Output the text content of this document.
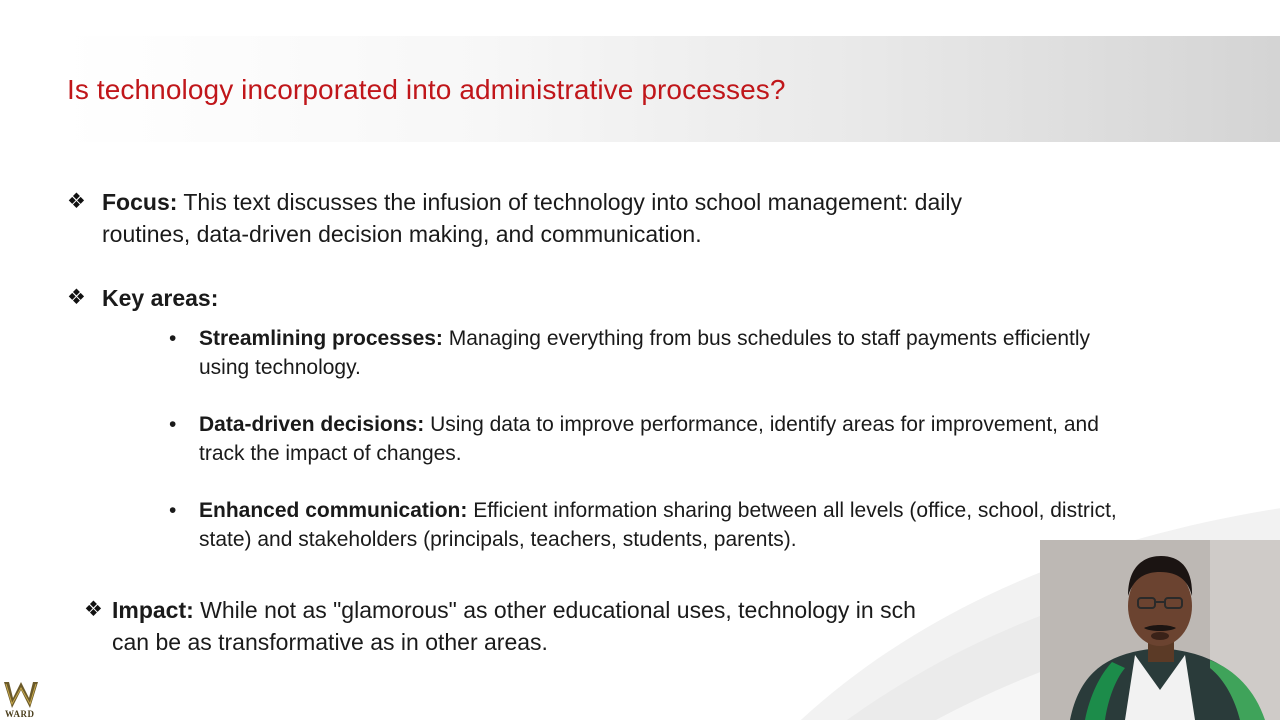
Is technology incorporated into administrative processes?
❖ Focus: This text discusses the infusion of technology into school management: daily
routines, data-driven decision making, and communication.
❖ Key areas:
• Streamlining processes: Managing everything from bus schedules to staff payments efficiently
using technology.
• Data-driven decisions: Using data to improve performance, identify areas for improvement, and
track the impact of changes.
• Enhanced communication: Efficient information sharing between all levels (office, school, district,
state) and stakeholders (principals, teachers, students, parents).
❖ Impact: While not as "glamorous" as other educational uses, technology in sch
can be as transformative as in other areas.
WARD
